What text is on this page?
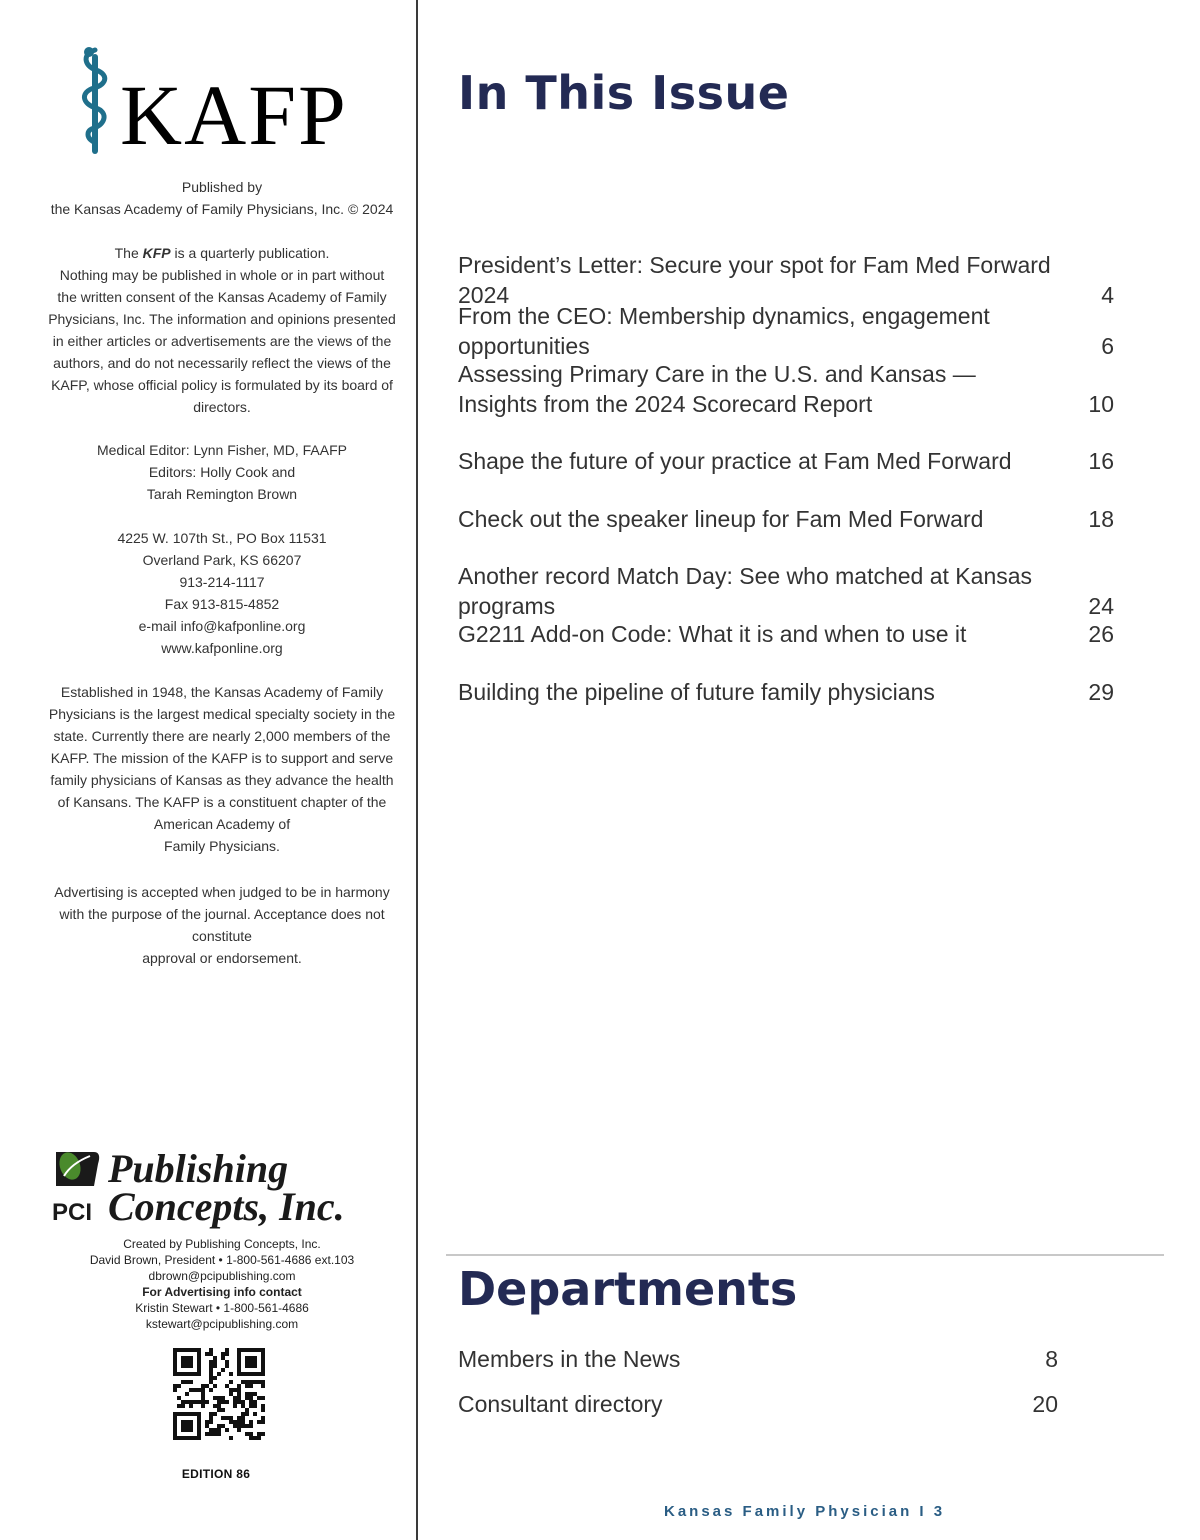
KAFP

Published by

the Kansas Academy of Family Physicians, Inc. © 2024

The KFP is a quarterly publication.

Nothing may be published in whole or in part without

the written consent of the Kansas Academy of Family

Physicians, Inc. The information and opinions presented

in either articles or advertisements are the views of the

authors, and do not necessarily reflect the views of the

KAFP, whose official policy is formulated by its board of

directors.

Medical Editor: Lynn Fisher, MD, FAAFP

Editors: Holly Cook and

Tarah Remington Brown

4225 W. 107th St., PO Box 11531

Overland Park, KS 66207

913-214-1117

Fax 913-815-4852

e-mail info@kafponline.org

www.kafponline.org

Established in 1948, the Kansas Academy of Family

Physicians is the largest medical specialty society in the

state. Currently there are nearly 2,000 members of the

KAFP. The mission of the KAFP is to support and serve

family physicians of Kansas as they advance the health

of Kansans. The KAFP is a constituent chapter of the

American Academy of

Family Physicians.

Advertising is accepted when judged to be in harmony

with the purpose of the journal. Acceptance does not

constitute

approval or endorsement.

PCI
Publishing
Concepts, Inc.

Created by Publishing Concepts, Inc.

David Brown, President • 1-800-561-4686 ext.103

dbrown@pcipublishing.com

For Advertising info contact

Kristin Stewart • 1-800-561-4686

kstewart@pcipublishing.com

EDITION 86
In This Issue
President’s Letter: Secure your spot for Fam Med Forward 2024	4
From the CEO: Membership dynamics, engagement opportunities	6
Assessing Primary Care in the U.S. and Kansas —
Insights from the 2024 Scorecard Report	10
Shape the future of your practice at Fam Med Forward	16
Check out the speaker lineup for Fam Med Forward	18
Another record Match Day: See who matched at Kansas programs	24
G2211 Add-on Code: What it is and when to use it	26
Building the pipeline of future family physicians	29
Departments
Members in the News	8
Consultant directory	20
Kansas Family Physician I 3
